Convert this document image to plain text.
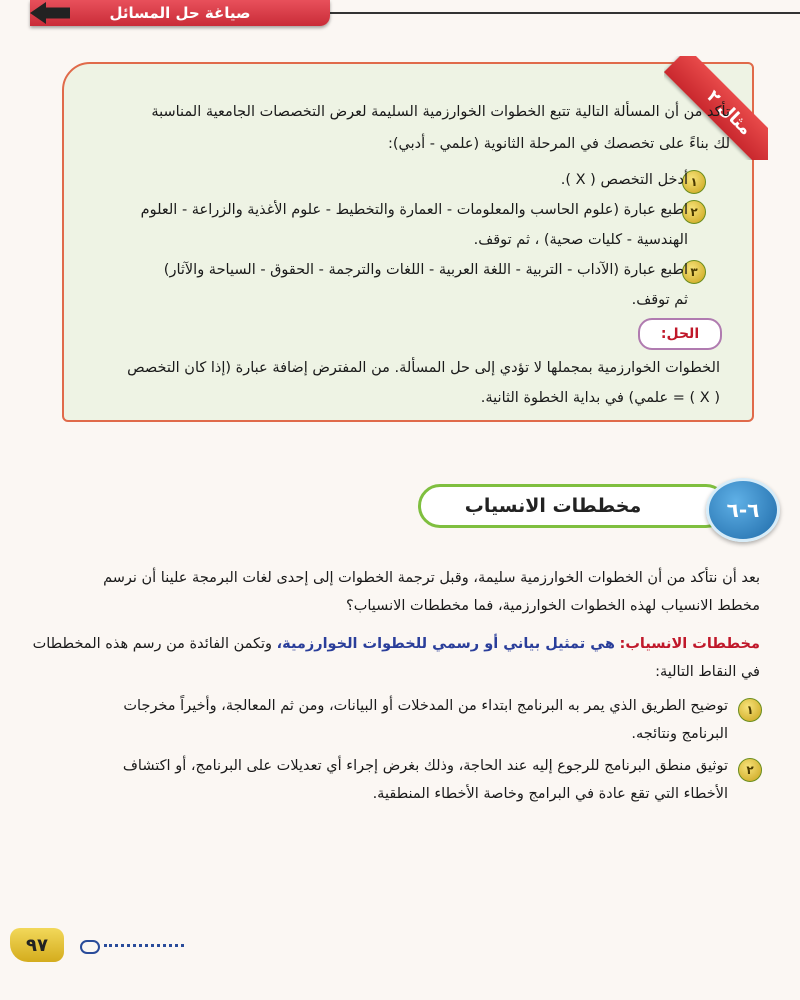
صياغة حل المسائل
مثال ٢
تأكد من أن المسألة التالية تتبع الخطوات الخوارزمية السليمة لعرض التخصصات الجامعية المناسبة
لك بناءً على تخصصك في المرحلة الثانوية (علمي - أدبي):
١
أدخل التخصص ( X ).
٢
اطبع عبارة (علوم الحاسب والمعلومات - العمارة والتخطيط - علوم الأغذية والزراعة - العلوم
الهندسية - كليات صحية) ، ثم توقف.
٣
اطبع عبارة (الآداب - التربية - اللغة العربية - اللغات والترجمة - الحقوق - السياحة والآثار)
ثم توقف.
الحل:
الخطوات الخوارزمية بمجملها لا تؤدي إلى حل المسألة. من المفترض إضافة عبارة (إذا كان التخصص
( X ) = علمي) في بداية الخطوة الثانية.
مخططات الانسياب	٦-٦
بعد أن نتأكد من أن الخطوات الخوارزمية سليمة، وقبل ترجمة الخطوات إلى إحدى لغات البرمجة علينا أن نرسم
مخطط الانسياب لهذه الخطوات الخوارزمية، فما مخططات الانسياب؟
مخططات الانسياب: هي تمثيل بياني أو رسمي للخطوات الخوارزمية، وتكمن الفائدة من رسم هذه المخططات
في النقاط التالية:
١
توضيح الطريق الذي يمر به البرنامج ابتداء من المدخلات أو البيانات، ومن ثم المعالجة، وأخيراً مخرجات
البرنامج ونتائجه.
٢
توثيق منطق البرنامج للرجوع إليه عند الحاجة، وذلك بغرض إجراء أي تعديلات على البرنامج، أو اكتشاف
الأخطاء التي تقع عادة في البرامج وخاصة الأخطاء المنطقية.
٩٧
